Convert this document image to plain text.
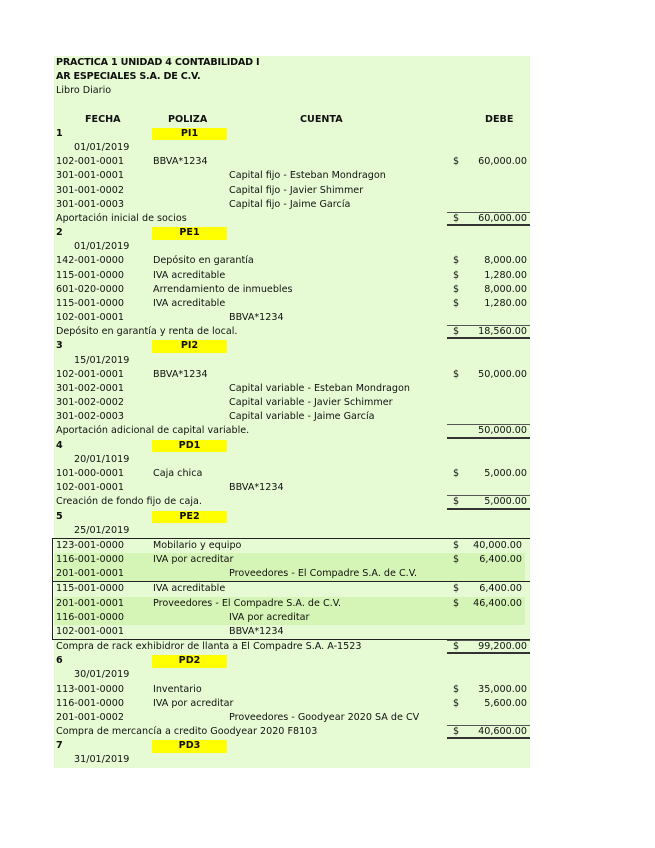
PRACTICA 1 UNIDAD 4 CONTABILIDAD I
AR ESPECIALES S.A. DE C.V.
Libro Diario
FECHA	POLIZA	CUENTA	DEBE
1	PI1
01/01/2019
102-001-0001	BBVA*1234	$ 60,000.00
301-001-0001	Capital fijo - Esteban Mondragon
301-001-0002	Capital fijo - Javier Shimmer
301-001-0003	Capital fijo - Jaime García
Aportación inicial de socios	$ 60,000.00
2	PE1
01/01/2019
142-001-0000	Depósito en garantía	$	8,000.00
115-001-0000	IVA acreditable	$	1,280.00
601-020-0000	Arrendamiento de inmuebles	$	8,000.00
115-001-0000	IVA acreditable	$	1,280.00
102-001-0001	BBVA*1234
Depósito en garantía y renta de local.	$ 18,560.00
3	PI2
15/01/2019
102-001-0001	BBVA*1234	$ 50,000.00
301-002-0001	Capital variable - Esteban Mondragon
301-002-0002	Capital variable - Javier Schimmer
301-002-0003	Capital variable - Jaime García
Aportación adicional de capital variable.	50,000.00
4	PD1
20/01/1019
101-000-0001	Caja chica	$	5,000.00
102-001-0001	BBVA*1234
Creación de fondo fijo de caja.	$	5,000.00
5	PE2
25/01/2019
123-001-0000	Mobilario y equipo	$ 40,000.00
116-001-0000	IVA por acreditar	$ 6,400.00
201-001-0001	Proveedores - El Compadre S.A. de C.V.
115-001-0000	IVA acreditable	$ 6,400.00
201-001-0001	Proveedores - El Compadre S.A. de C.V.	$ 46,400.00
116-001-0000	IVA por acreditar
102-001-0001	BBVA*1234
Compra de rack exhibidror de llanta a El Compadre S.A. A-1523	$ 99,200.00
6	PD2
30/01/2019
113-001-0000	Inventario	$ 35,000.00
116-001-0000	IVA por acreditar	$	5,600.00
201-001-0002	Proveedores - Goodyear 2020 SA de CV
Compra de mercancía a credito Goodyear 2020 F8103	$ 40,600.00
7	PD3
31/01/2019
